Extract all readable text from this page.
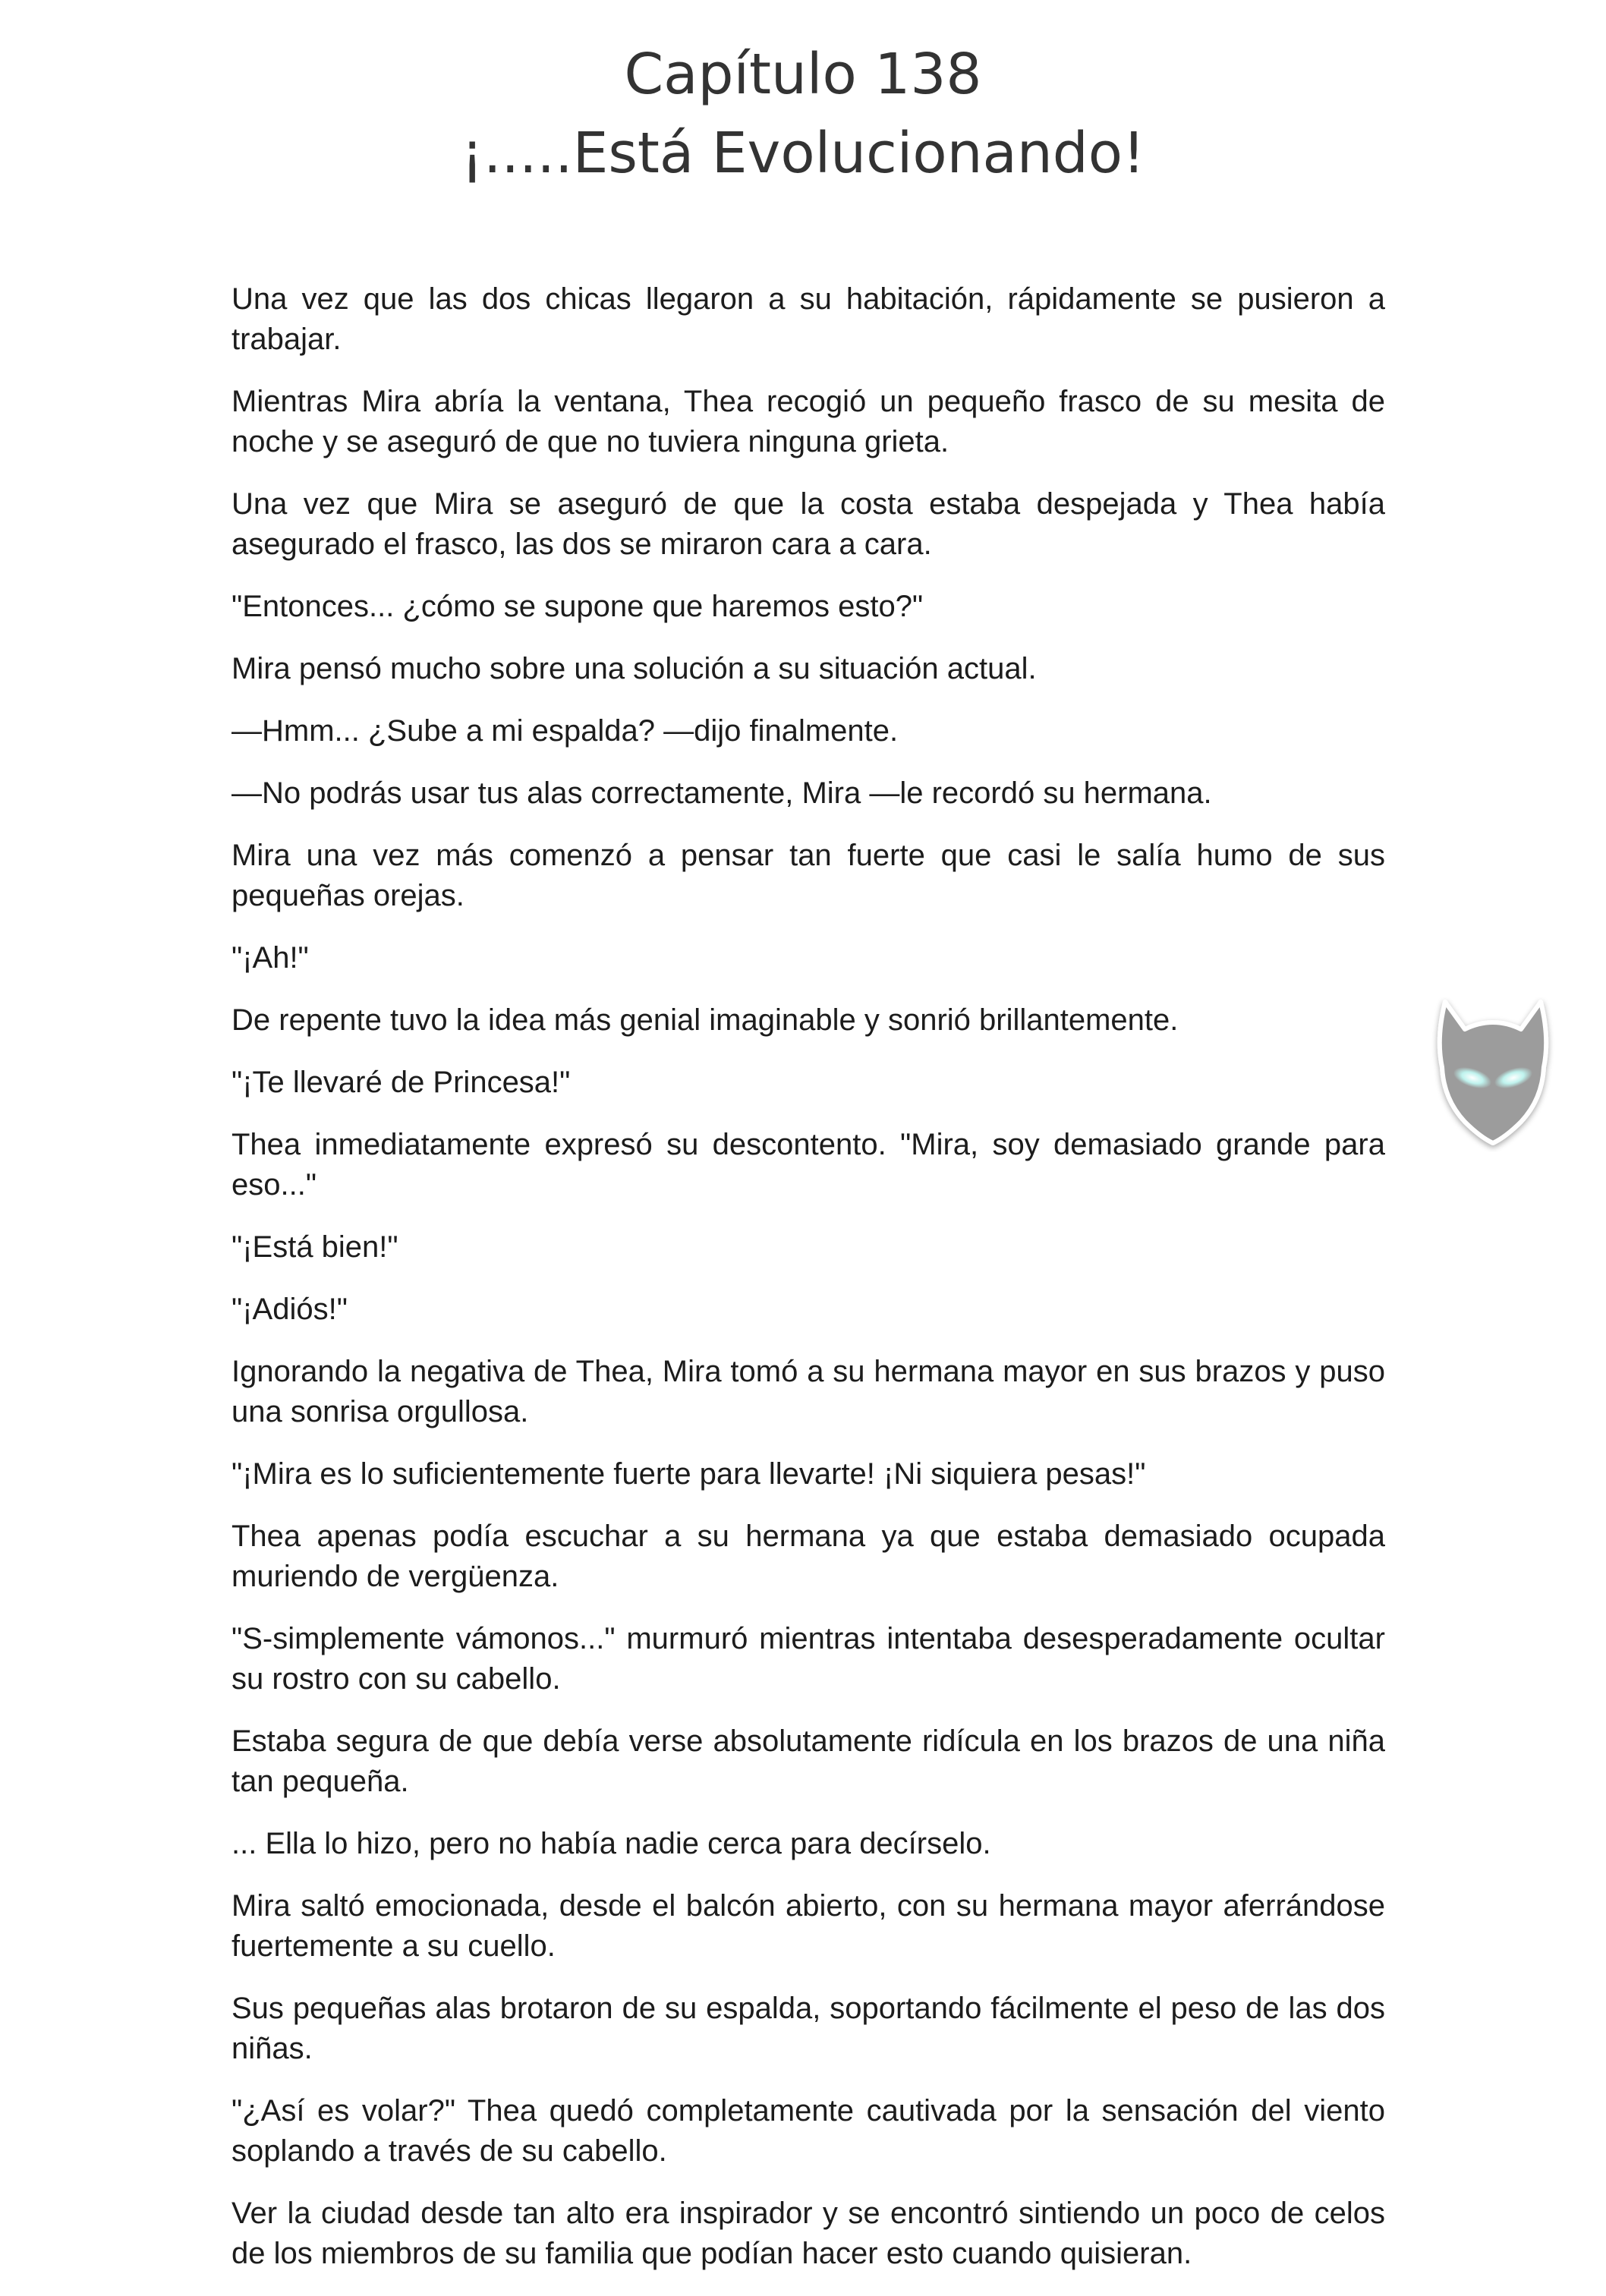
Capítulo 138
¡.....Está Evolucionando!

Una vez que las dos chicas llegaron a su habitación, rápidamente se pusieron a trabajar.

Mientras Mira abría la ventana, Thea recogió un pequeño frasco de su mesita de noche y se aseguró de que no tuviera ninguna grieta.

Una vez que Mira se aseguró de que la costa estaba despejada y Thea había asegurado el frasco, las dos se miraron cara a cara.

"Entonces... ¿cómo se supone que haremos esto?"

Mira pensó mucho sobre una solución a su situación actual.

—Hmm... ¿Sube a mi espalda? —dijo finalmente.

—No podrás usar tus alas correctamente, Mira —le recordó su hermana.

Mira una vez más comenzó a pensar tan fuerte que casi le salía humo de sus pequeñas orejas.

"¡Ah!"

De repente tuvo la idea más genial imaginable y sonrió brillantemente.

"¡Te llevaré de Princesa!"

Thea inmediatamente expresó su descontento. "Mira, soy demasiado grande para eso..."

"¡Está bien!"

"¡Adiós!"

Ignorando la negativa de Thea, Mira tomó a su hermana mayor en sus brazos y puso una sonrisa orgullosa.

"¡Mira es lo suficientemente fuerte para llevarte! ¡Ni siquiera pesas!"

Thea apenas podía escuchar a su hermana ya que estaba demasiado ocupada muriendo de vergüenza.

"S-simplemente vámonos..." murmuró mientras intentaba desesperadamente ocultar su rostro con su cabello.

Estaba segura de que debía verse absolutamente ridícula en los brazos de una niña tan pequeña.

... Ella lo hizo, pero no había nadie cerca para decírselo.

Mira saltó emocionada, desde el balcón abierto, con su hermana mayor aferrándose fuertemente a su cuello.

Sus pequeñas alas brotaron de su espalda, soportando fácilmente el peso de las dos niñas.

"¿Así es volar?" Thea quedó completamente cautivada por la sensación del viento soplando a través de su cabello.

Ver la ciudad desde tan alto era inspirador y se encontró sintiendo un poco de celos de los miembros de su familia que podían hacer esto cuando quisieran.
